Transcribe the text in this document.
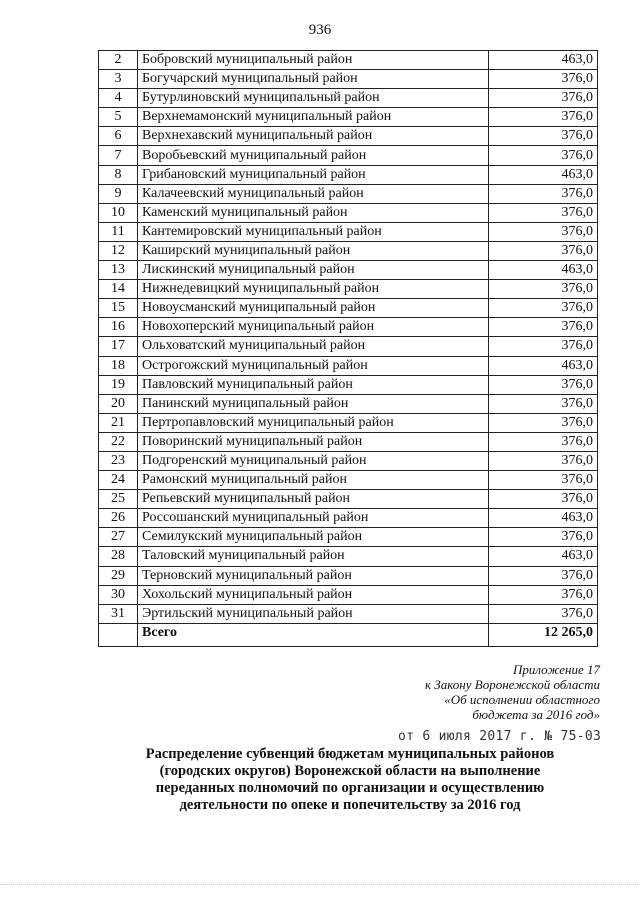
936
2	Бобровский муниципальный район	463,0
3	Богучарский муниципальный район	376,0
4	Бутурлиновский муниципальный район	376,0
5	Верхнемамонский муниципальный район	376,0
6	Верхнехавский муниципальный район	376,0
7	Воробьевский муниципальный район	376,0
8	Грибановский муниципальный район	463,0
9	Калачеевский муниципальный район	376,0
10	Каменский муниципальный район	376,0
11	Кантемировский муниципальный район	376,0
12	Каширский муниципальный район	376,0
13	Лискинский муниципальный район	463,0
14	Нижнедевицкий муниципальный район	376,0
15	Новоусманский муниципальный район	376,0
16	Новохоперский муниципальный район	376,0
17	Ольховатский муниципальный район	376,0
18	Острогожский муниципальный район	463,0
19	Павловский муниципальный район	376,0
20	Панинский муниципальный район	376,0
21	Пертропавловский муниципальный район	376,0
22	Поворинский муниципальный район	376,0
23	Подгоренский муниципальный район	376,0
24	Рамонский муниципальный район	376,0
25	Репьевский муниципальный район	376,0
26	Россошанский муниципальный район	463,0
27	Семилукский муниципальный район	376,0
28	Таловский муниципальный район	463,0
29	Терновский муниципальный район	376,0
30	Хохольский муниципальный район	376,0
31	Эртильский муниципальный район	376,0
	Всего	12 265,0
Приложение 17
к Закону Воронежской области
«Об исполнении областного
бюджета за 2016 год»
от 6 июля 2017 г. № 75-03
Распределение субвенций бюджетам муниципальных районов
(городских округов) Воронежской области на выполнение
переданных полномочий по организации и осуществлению
деятельности по опеке и попечительству за 2016 год
